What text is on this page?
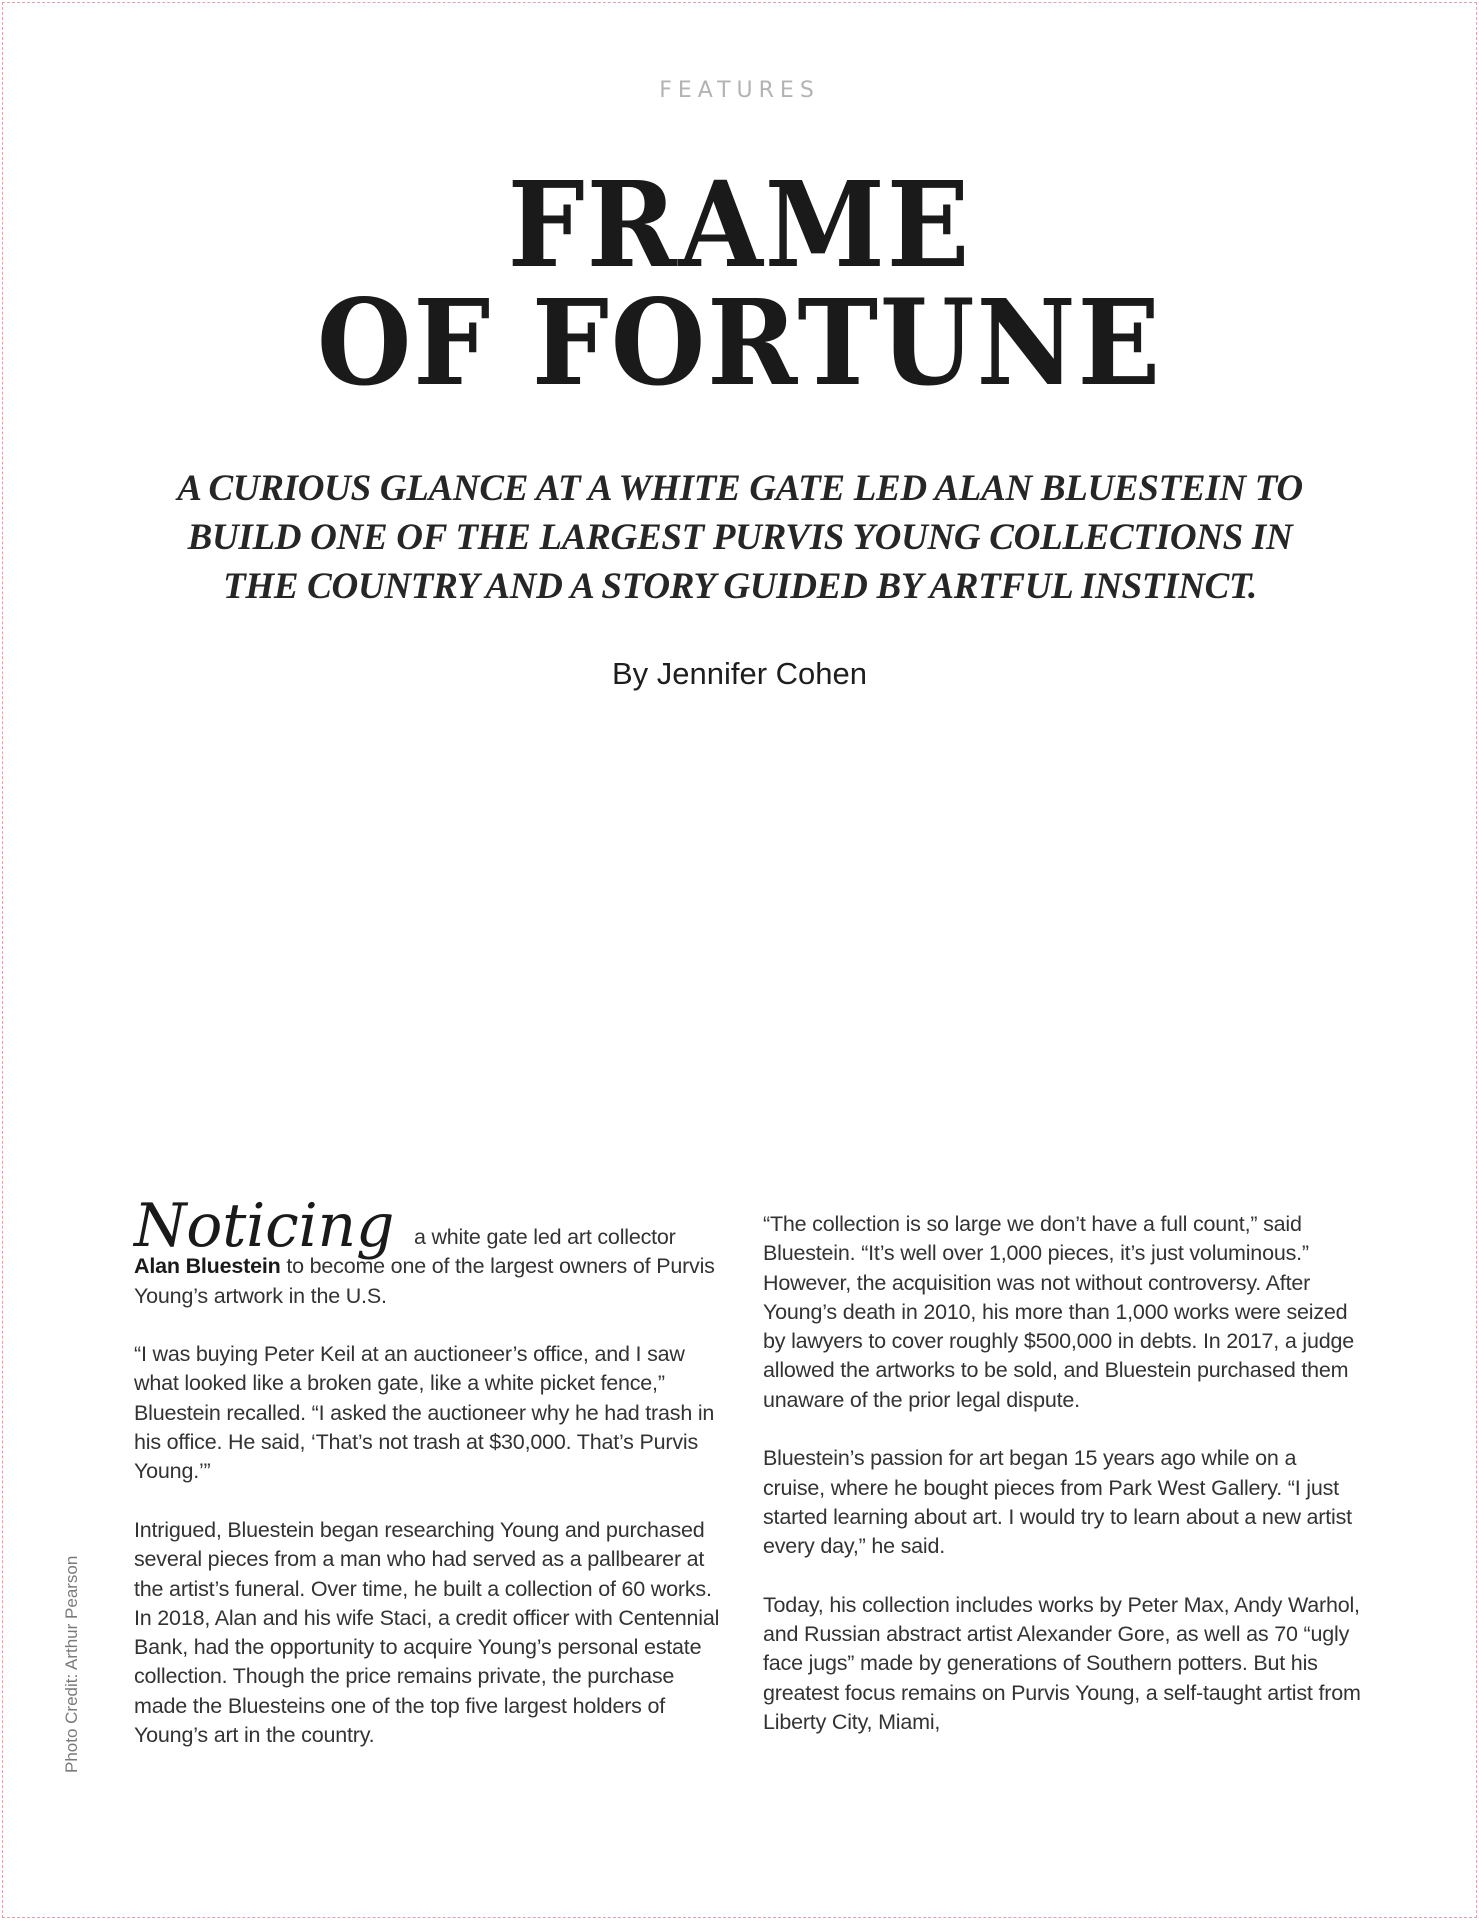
FEATURES
FRAME
OF FORTUNE
A CURIOUS GLANCE AT A WHITE GATE LED ALAN BLUESTEIN TO BUILD ONE OF THE LARGEST PURVIS YOUNG COLLECTIONS IN THE COUNTRY AND A STORY GUIDED BY ARTFUL INSTINCT.
By Jennifer Cohen
Photo Credit: Arthur Pearson

Noticing a white gate led art collector Alan Bluestein to become one of the largest owners of Purvis Young’s artwork in the U.S.

“I was buying Peter Keil at an auctioneer’s office, and I saw what looked like a broken gate, like a white picket fence,” Bluestein recalled. “I asked the auctioneer why he had trash in his office. He said, ‘That’s not trash at $30,000. That’s Purvis Young.’”

Intrigued, Bluestein began researching Young and purchased several pieces from a man who had served as a pallbearer at the artist’s funeral. Over time, he built a collection of 60 works. In 2018, Alan and his wife Staci, a credit officer with Centennial Bank, had the opportunity to acquire Young’s personal estate collection. Though the price remains private, the purchase made the Bluesteins one of the top five largest holders of Young’s art in the country.

“The collection is so large we don’t have a full count,” said Bluestein. “It’s well over 1,000 pieces, it’s just voluminous.” However, the acquisition was not without controversy. After Young’s death in 2010, his more than 1,000 works were seized by lawyers to cover roughly $500,000 in debts. In 2017, a judge allowed the artworks to be sold, and Bluestein purchased them unaware of the prior legal dispute.

Bluestein’s passion for art began 15 years ago while on a cruise, where he bought pieces from Park West Gallery. “I just started learning about art. I would try to learn about a new artist every day,” he said.

Today, his collection includes works by Peter Max, Andy Warhol, and Russian abstract artist Alexander Gore, as well as 70 “ugly face jugs” made by generations of Southern potters. But his greatest focus remains on Purvis Young, a self-taught artist from Liberty City, Miami,
